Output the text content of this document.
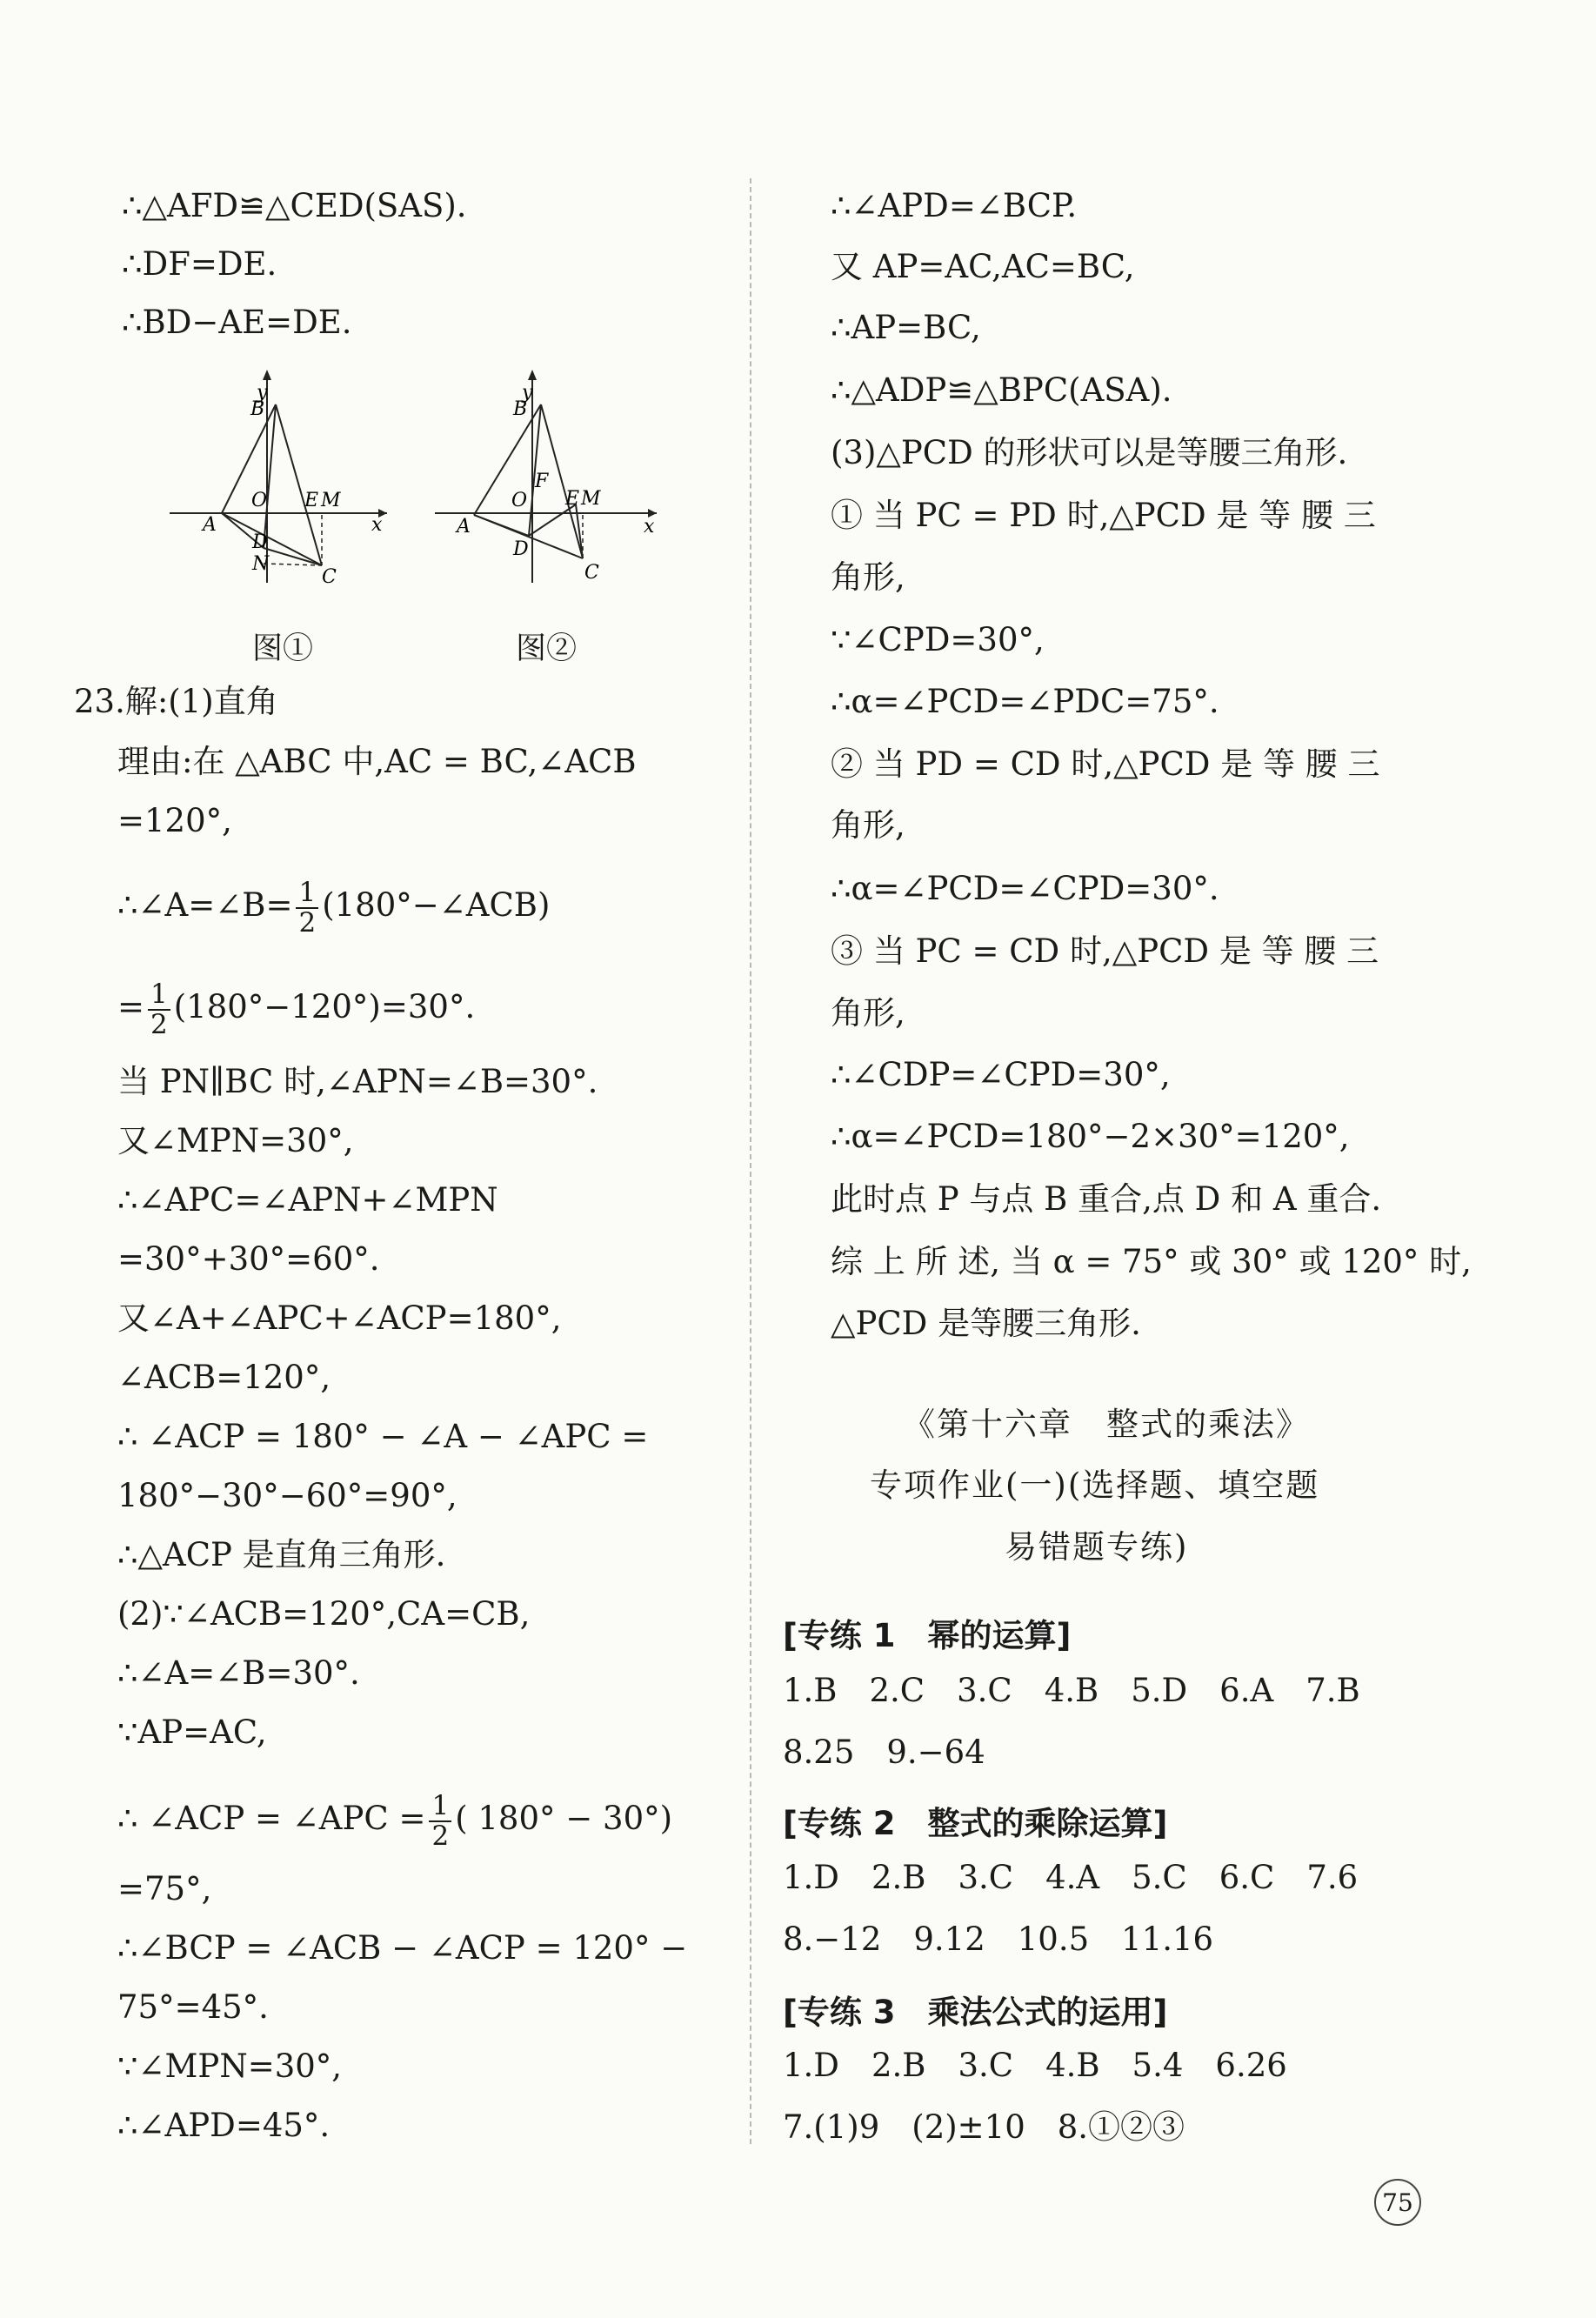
∴△AFD≌△CED(SAS).
∴DF=DE.
∴BD−AE=DE.
y
B
O E M
x
A
D
N
C
图①
y
B
F
O E M
x
A
D
C
图②
23.解:(1)直角
理由:在 △ABC 中,AC = BC,∠ACB
=120°,
∴∠A=∠B= $\frac{1}{2}$ (180°−∠ACB)
= $\frac{1}{2} (180^\circ-120^\circ)=30^\circ$.
当 PN∥BC 时,∠APN=∠B=30°.
又∠MPN=30°,
∴∠APC=∠APN+∠MPN
=30°+30°=60°.
又∠A+∠APC+∠ACP=180°,
∠ACB=120°,
∴ ∠ACP = 180° − ∠A − ∠APC =
180°−30°−60°=90°,
∴△ACP 是直角三角形.
(2)∵∠ACB=120°,CA=CB,
∴∠A=∠B=30°.
∵AP=AC,
∴ ∠ACP = ∠APC = $\frac{1}{2}$ ( 180° − 30°)
=75°,
∴∠BCP = ∠ACB − ∠ACP = 120° −
75°=45°.
∵∠MPN=30°,
∴∠APD=45°.
∴∠APD=∠BCP.
又 AP=AC,AC=BC,
∴AP=BC,
∴△ADP≌△BPC(ASA).
(3)△PCD 的形状可以是等腰三角形.
① 当 PC = PD 时,△PCD 是 等 腰 三
角形,
∵∠CPD=30°,
∴α=∠PCD=∠PDC=75°.
② 当 PD = CD 时,△PCD 是 等 腰 三
角形,
∴α=∠PCD=∠CPD=30°.
③ 当 PC = CD 时,△PCD 是 等 腰 三
角形,
∴∠CDP=∠CPD=30°,
∴α=∠PCD=180°−2×30°=120°,
此时点 P 与点 B 重合,点 D 和 A 重合.
综 上 所 述, 当 α = 75° 或 30° 或 120° 时,
△PCD 是等腰三角形.
《第十六章　整式的乘法》
专项作业(一)(选择题、填空题
易错题专练)
[专练 1　幂的运算]
1.B　2.C　3.C　4.B　5.D　6.A　7.B
8.25　9.−64
[专练 2　整式的乘除运算]
1.D　2.B　3.C　4.A　5.C　6.C　7.6
8.−12　9.12　10.5　11.16
[专练 3　乘法公式的运用]
1.D　2.B　3.C　4.B　5.4　6.26
7.(1)9　(2)±10　8.①②③
75
